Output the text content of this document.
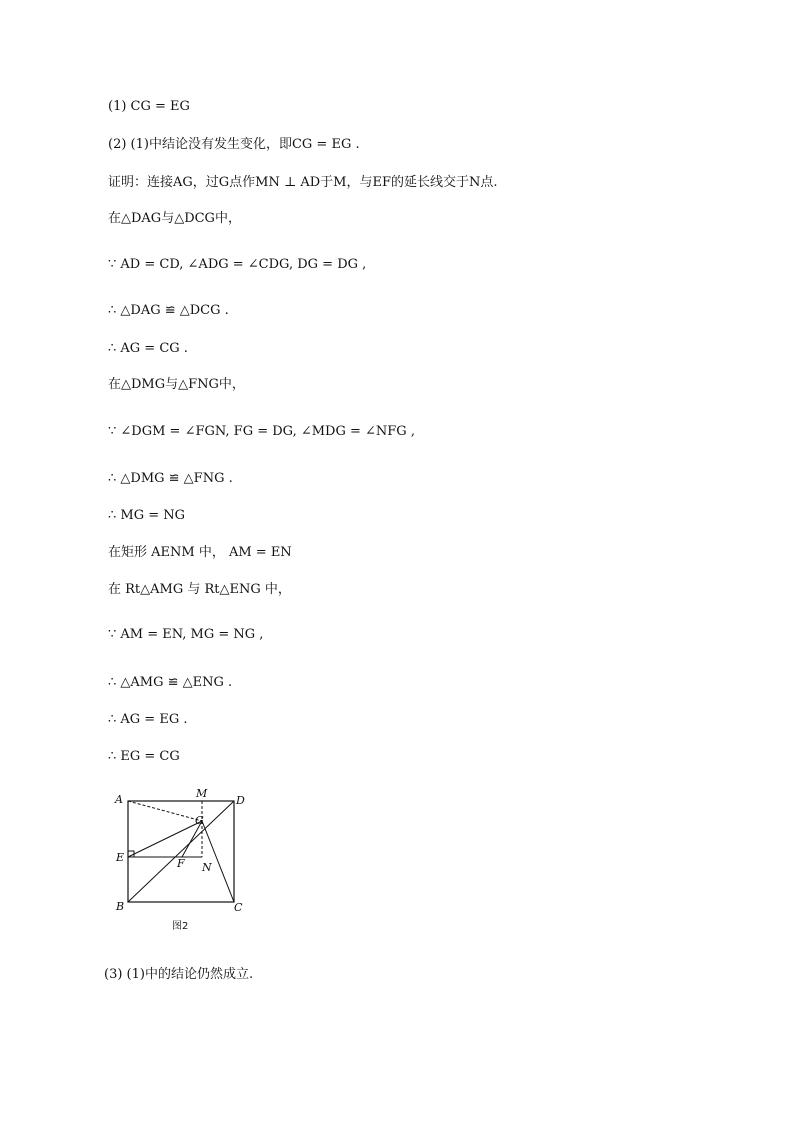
(1) CG = EG
(2) (1)中结论没有发生变化，即CG = EG .
证明：连接AG，过G点作MN ⊥ AD于M，与EF的延长线交于N点.
在△DAG与△DCG中，
∵ AD = CD, ∠ADG = ∠CDG, DG = DG ,
∴ △DAG ≌ △DCG .
∴ AG = CG .
在△DMG与△FNG中，
∵ ∠DGM = ∠FGN, FG = DG, ∠MDG = ∠NFG ,
∴ △DMG ≌ △FNG .
∴ MG = NG
在矩形 AENM 中， AM = EN
在 Rt△AMG 与 Rt△ENG 中，
∵ AM = EN, MG = NG ,
∴ △AMG ≌ △ENG .
∴ AG = EG .
∴ EG = CG
A	M
D
G
E	F N
B	C
图2
(3) (1)中的结论仍然成立.
